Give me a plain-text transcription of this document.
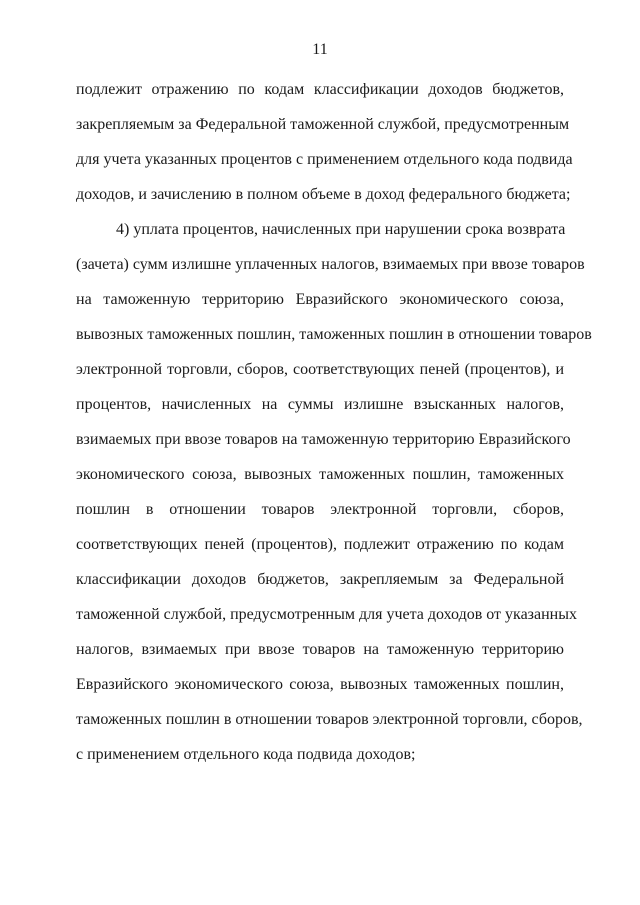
11
подлежит отражению по кодам классификации доходов бюджетов,
закрепляемым за Федеральной таможенной службой, предусмотренным
для учета указанных процентов с применением отдельного кода подвида
доходов, и зачислению в полном объеме в доход федерального бюджета;
4) уплата процентов, начисленных при нарушении срока возврата
(зачета) сумм излишне уплаченных налогов, взимаемых при ввозе товаров
на таможенную территорию Евразийского экономического союза,
вывозных таможенных пошлин, таможенных пошлин в отношении товаров
электронной торговли, сборов, соответствующих пеней (процентов), и
процентов, начисленных на суммы излишне взысканных налогов,
взимаемых при ввозе товаров на таможенную территорию Евразийского
экономического союза, вывозных таможенных пошлин, таможенных
пошлин в отношении товаров электронной торговли, сборов,
соответствующих пеней (процентов), подлежит отражению по кодам
классификации доходов бюджетов, закрепляемым за Федеральной
таможенной службой, предусмотренным для учета доходов от указанных
налогов, взимаемых при ввозе товаров на таможенную территорию
Евразийского экономического союза, вывозных таможенных пошлин,
таможенных пошлин в отношении товаров электронной торговли, сборов,
с применением отдельного кода подвида доходов;
